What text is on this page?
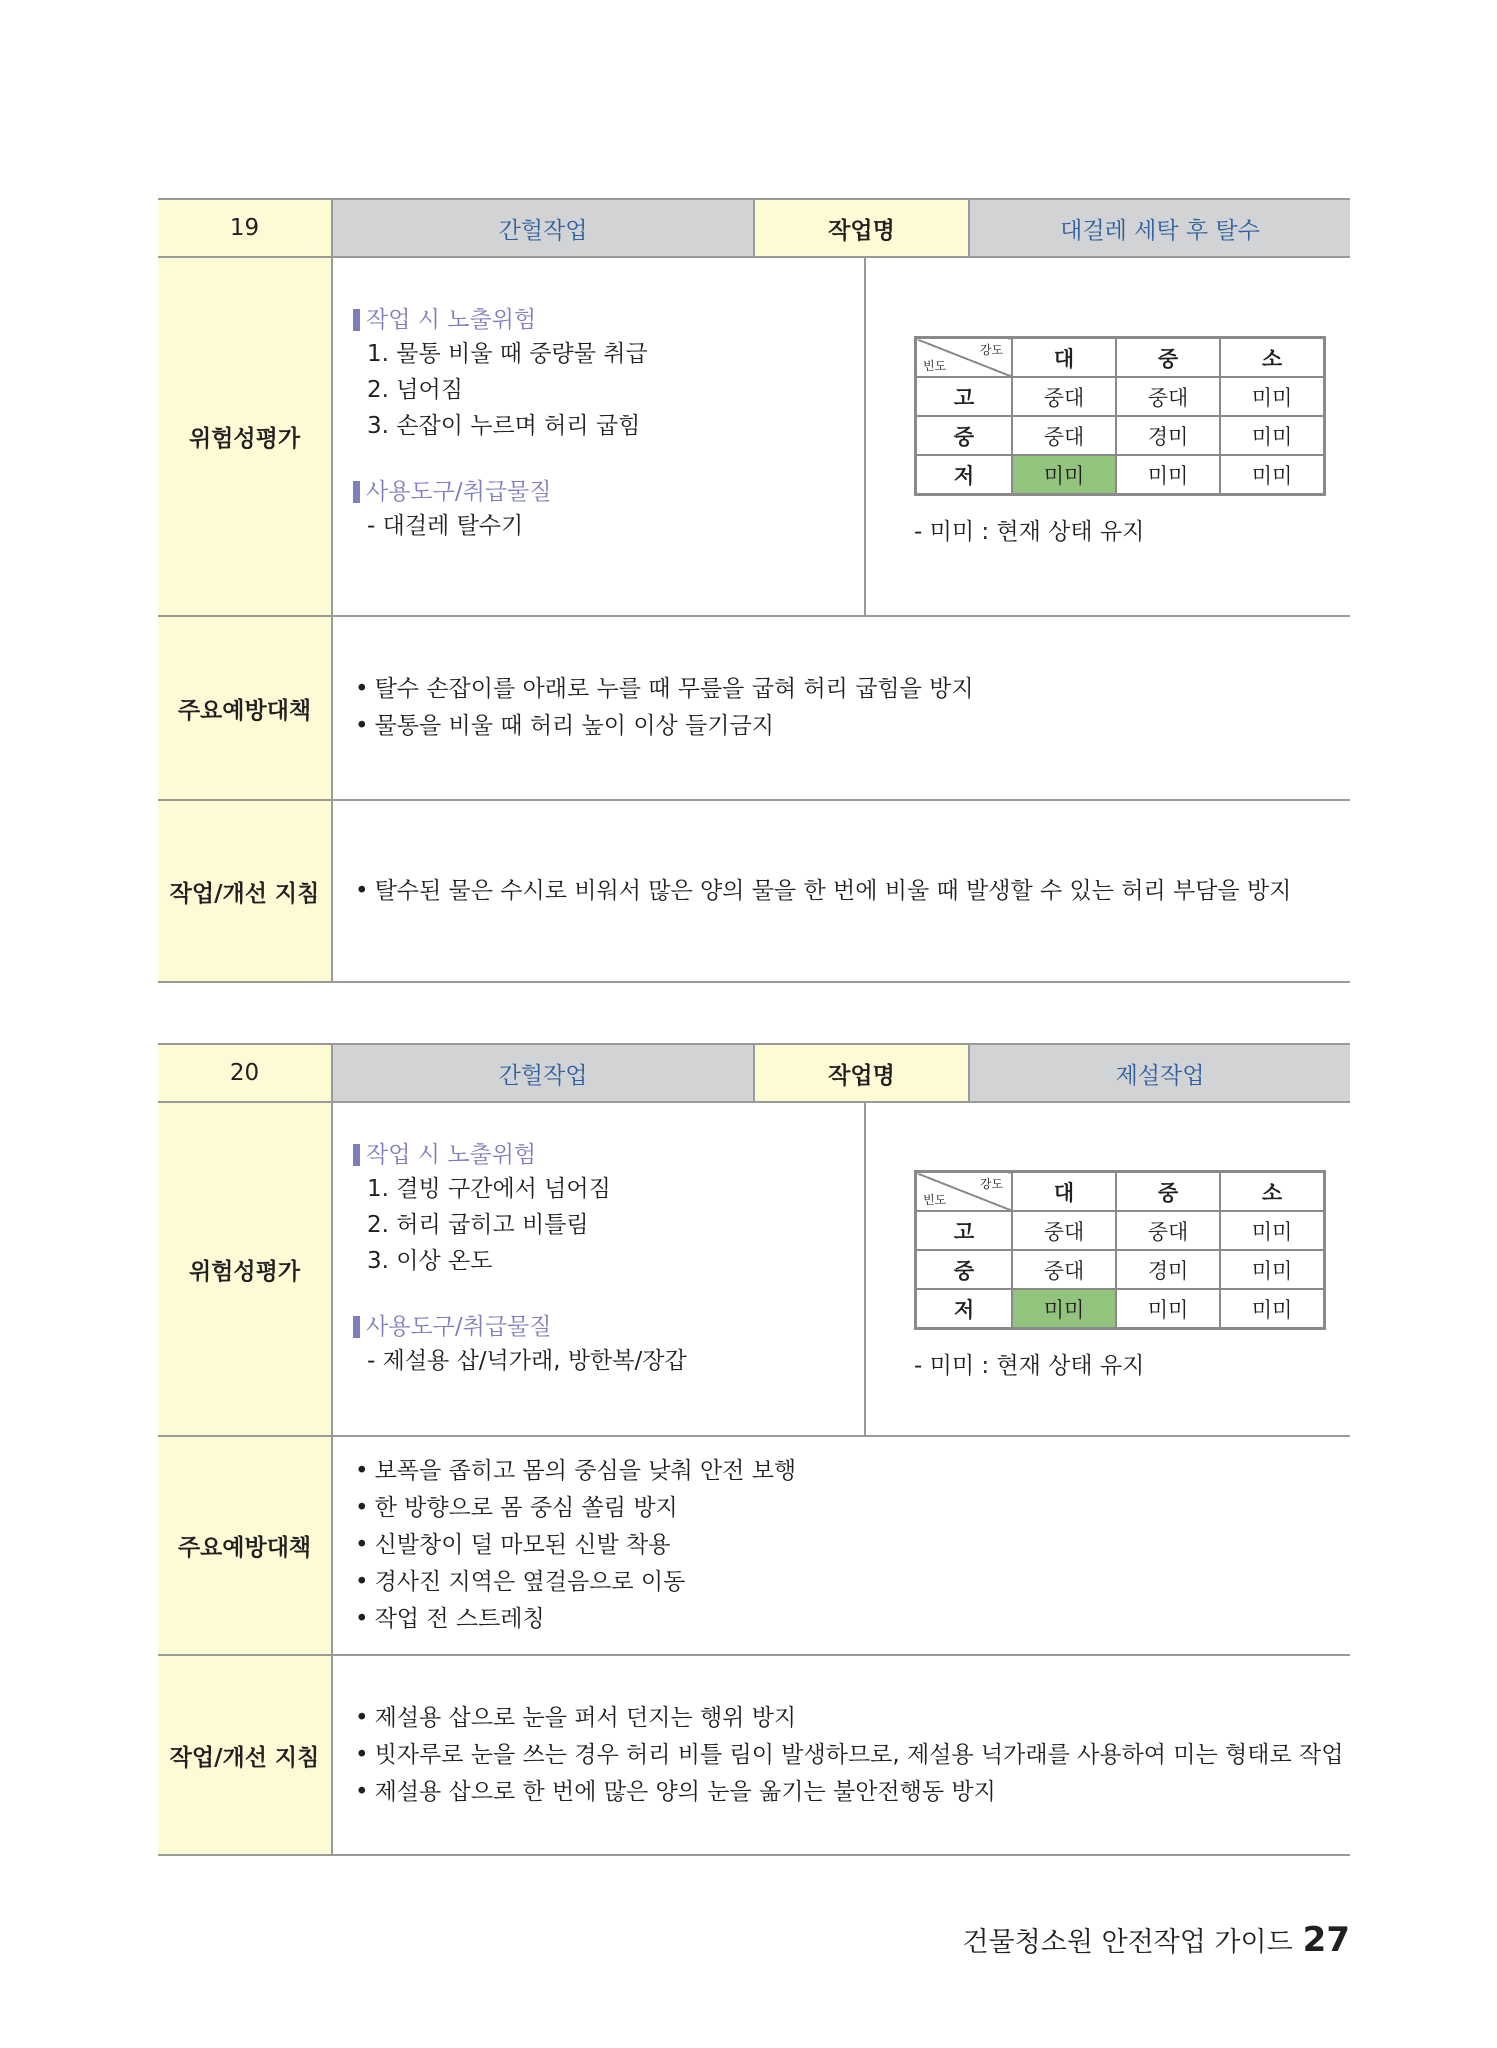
19	간헐작업	작업명	대걸레 세탁 후 탈수
위험성평가
작업 시 노출위험
1. 물통 비울 때 중량물 취급
2. 넘어짐
3. 손잡이 누르며 허리 굽힘
사용도구/취급물질
- 대걸레 탈수기
강도
빈도	대	중	소
고	중대	중대	미미
중	중대	경미	미미
저	미미	미미	미미
- 미미 : 현재 상태 유지
주요예방대책
• 탈수 손잡이를 아래로 누를 때 무릎을 굽혀 허리 굽힘을 방지
• 물통을 비울 때 허리 높이 이상 들기금지
작업/개선 지침	• 탈수된 물은 수시로 비워서 많은 양의 물을 한 번에 비울 때 발생할 수 있는 허리 부담을 방지
20	간헐작업	작업명	제설작업
위험성평가
작업 시 노출위험
1. 결빙 구간에서 넘어짐
2. 허리 굽히고 비틀림
3. 이상 온도
사용도구/취급물질
- 제설용 삽/넉가래, 방한복/장갑
강도
빈도	대	중	소
고	중대	중대	미미
중	중대	경미	미미
저	미미	미미	미미
- 미미 : 현재 상태 유지
주요예방대책
• 보폭을 좁히고 몸의 중심을 낮춰 안전 보행
• 한 방향으로 몸 중심 쏠림 방지
• 신발창이 덜 마모된 신발 착용
• 경사진 지역은 옆걸음으로 이동
• 작업 전 스트레칭
작업/개선 지침
• 제설용 삽으로 눈을 퍼서 던지는 행위 방지
• 빗자루로 눈을 쓰는 경우 허리 비틀 림이 발생하므로, 제설용 넉가래를 사용하여 미는 형태로 작업
• 제설용 삽으로 한 번에 많은 양의 눈을 옮기는 불안전행동 방지
건물청소원 안전작업 가이드 27
